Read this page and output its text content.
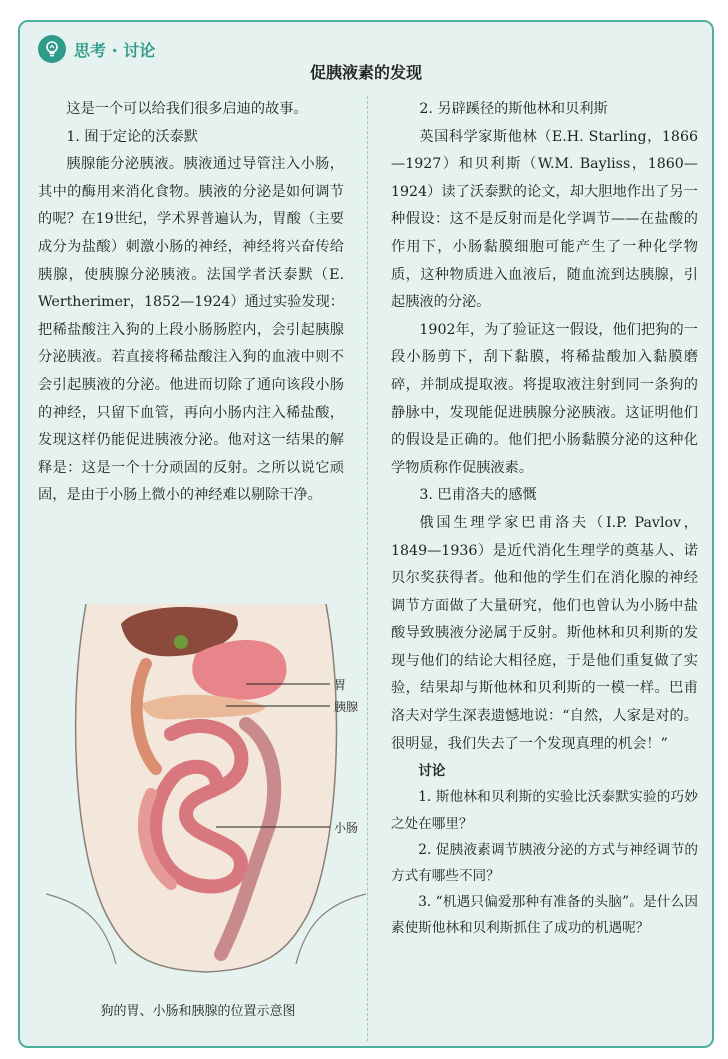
思考 · 讨论
促胰液素的发现

这是一个可以给我们很多启迪的故事。

1. 囿于定论的沃泰默

胰腺能分泌胰液。胰液通过导管注入小肠，其中的酶用来消化食物。胰液的分泌是如何调节的呢？在19世纪，学术界普遍认为，胃酸（主要成分为盐酸）刺激小肠的神经，神经将兴奋传给胰腺，使胰腺分泌胰液。法国学者沃泰默（E. Wertherimer，1852—1924）通过实验发现：把稀盐酸注入狗的上段小肠肠腔内，会引起胰腺分泌胰液。若直接将稀盐酸注入狗的血液中则不会引起胰液的分泌。他进而切除了通向该段小肠的神经，只留下血管，再向小肠内注入稀盐酸，发现这样仍能促进胰液分泌。他对这一结果的解释是：这是一个十分顽固的反射。之所以说它顽固，是由于小肠上微小的神经难以剔除干净。

胃
胰腺
小肠
狗的胃、小肠和胰腺的位置示意图

2. 另辟蹊径的斯他林和贝利斯

英国科学家斯他林（E.H. Starling，1866—1927）和贝利斯（W.M. Bayliss，1860—1924）读了沃泰默的论文，却大胆地作出了另一种假设：这不是反射而是化学调节——在盐酸的作用下，小肠黏膜细胞可能产生了一种化学物质，这种物质进入血液后，随血流到达胰腺，引起胰液的分泌。

1902年，为了验证这一假设，他们把狗的一段小肠剪下，刮下黏膜，将稀盐酸加入黏膜磨碎，并制成提取液。将提取液注射到同一条狗的静脉中，发现能促进胰腺分泌胰液。这证明他们的假设是正确的。他们把小肠黏膜分泌的这种化学物质称作促胰液素。

3. 巴甫洛夫的感慨

俄国生理学家巴甫洛夫（I.P. Pavlov，1849—1936）是近代消化生理学的奠基人、诺贝尔奖获得者。他和他的学生们在消化腺的神经调节方面做了大量研究，他们也曾认为小肠中盐酸导致胰液分泌属于反射。斯他林和贝利斯的发现与他们的结论大相径庭，于是他们重复做了实验，结果却与斯他林和贝利斯的一模一样。巴甫洛夫对学生深表遗憾地说：“自然，人家是对的。很明显，我们失去了一个发现真理的机会！”

讨论

1. 斯他林和贝利斯的实验比沃泰默实验的巧妙之处在哪里？

2. 促胰液素调节胰液分泌的方式与神经调节的方式有哪些不同？

3. “机遇只偏爱那种有准备的头脑”。是什么因素使斯他林和贝利斯抓住了成功的机遇呢？
